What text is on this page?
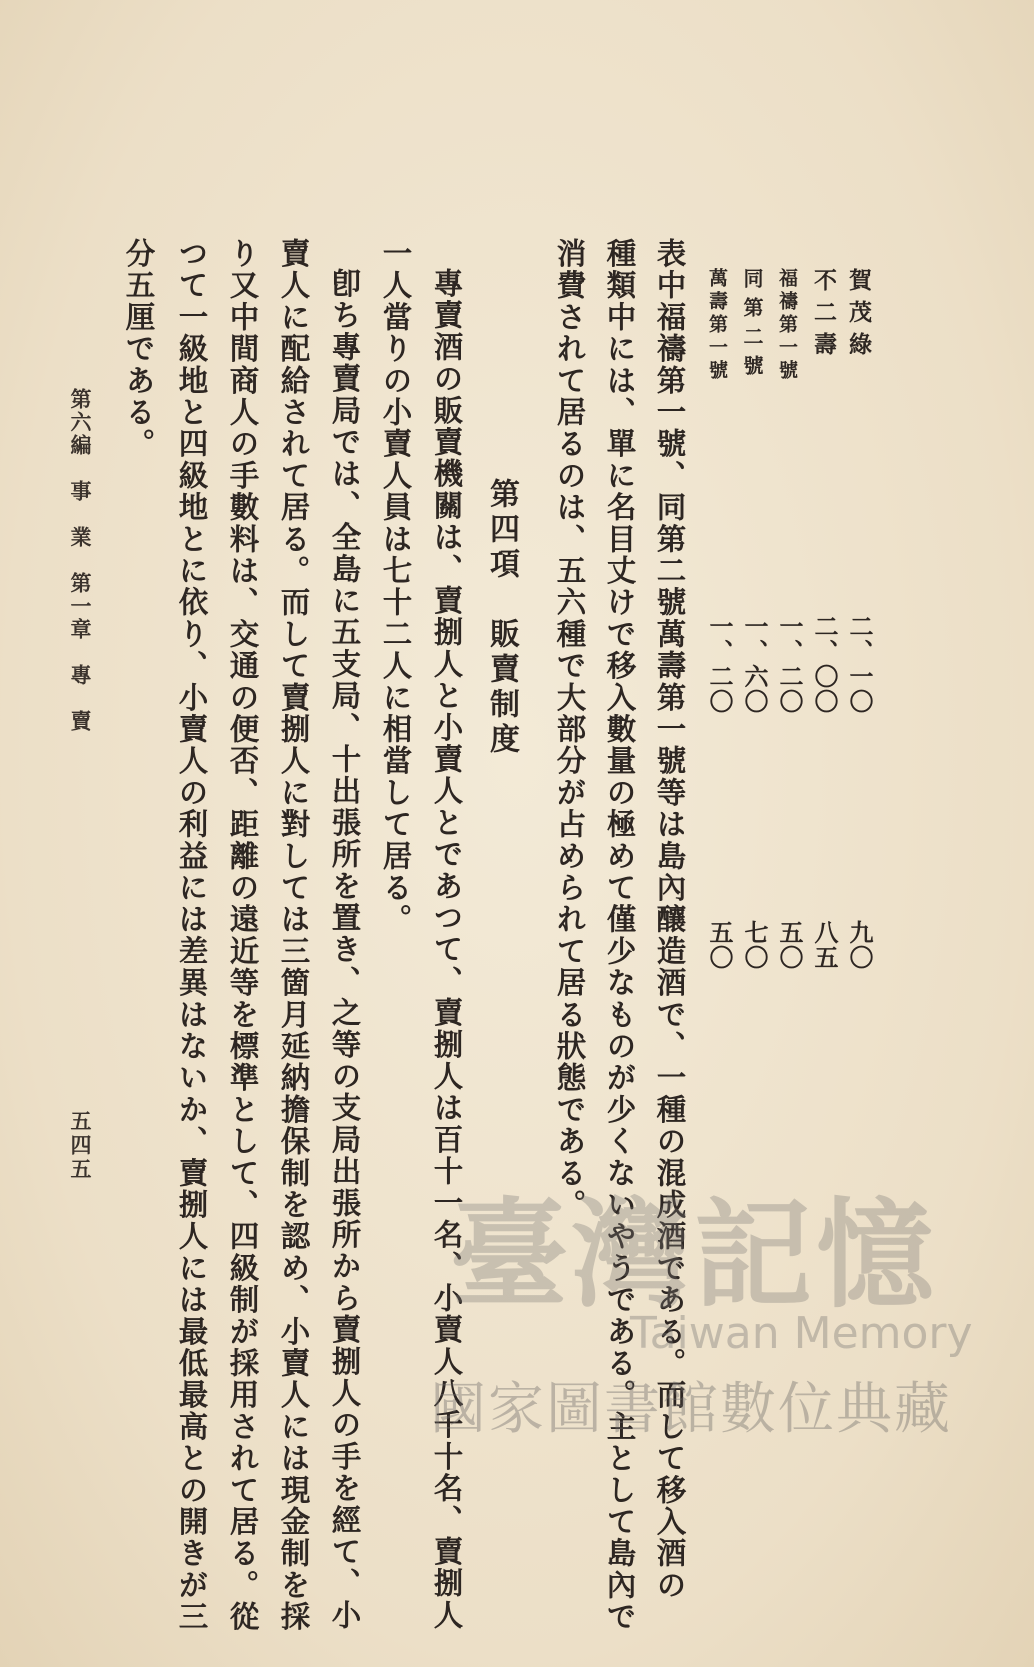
賀茂綠
二、一〇
九〇
不二壽
二、〇〇
八五
福禱第一號
一、二〇
五〇
同第二號
一、六〇
七〇
萬壽第一號
一、二〇
五〇
表中福禱第一號、同第二號萬壽第一號等は島內釀造酒で、一種の混成酒である。而して移入酒の
種類中には、單に名目丈けで移入數量の極めて僅少なものが少くないやうである。主として島內で
消費されて居るのは、五六種で大部分が占められて居る狀態である。
第四項　販賣制度
專賣酒の販賣機關は、賣捌人と小賣人とであつて、賣捌人は百十一名、小賣人八千十名、賣捌人
一人當りの小賣人員は七十二人に相當して居る。
卽ち專賣局では、全島に五支局、十出張所を置き、之等の支局出張所から賣捌人の手を經て、小
賣人に配給されて居る。而して賣捌人に對しては三箇月延納擔保制を認め、小賣人には現金制を採
り又中間商人の手數料は、交通の便否、距離の遠近等を標準として、四級制が採用されて居る。從
つて一級地と四級地とに依り、小賣人の利益には差異はないか、賣捌人には最低最高との開きが三
分五厘である。
第六編　事　業　第一章　專　賣
五四五
臺灣記憶
Taiwan Memory
國家圖書館數位典藏
